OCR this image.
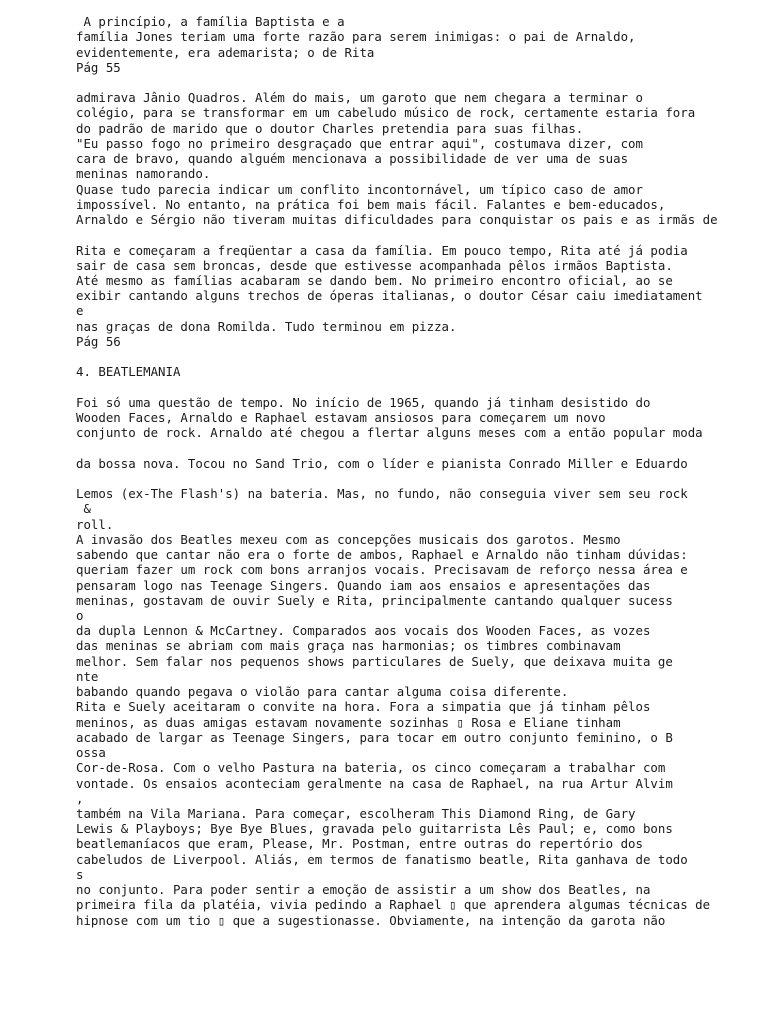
A princípio, a família Baptista e a

família Jones teriam uma forte razão para serem inimigas: o pai de Arnaldo,

evidentemente, era ademarista; o de Rita

Pág 55

admirava Jânio Quadros. Além do mais, um garoto que nem chegara a terminar o

colégio, para se transformar em um cabeludo músico de rock, certamente estaria fora

do padrão de marido que o doutor Charles pretendia para suas filhas.

"Eu passo fogo no primeiro desgraçado que entrar aqui", costumava dizer, com

cara de bravo, quando alguém mencionava a possibilidade de ver uma de suas

meninas namorando.

Quase tudo parecia indicar um conflito incontornável, um típico caso de amor

impossível. No entanto, na prática foi bem mais fácil. Falantes e bem-educados,

Arnaldo e Sérgio não tiveram muitas dificuldades para conquistar os pais e as irmãs de

Rita e começaram a freqüentar a casa da família. Em pouco tempo, Rita até já podia

sair de casa sem broncas, desde que estivesse acompanhada pêlos irmãos Baptista.

Até mesmo as famílias acabaram se dando bem. No primeiro encontro oficial, ao se

exibir cantando alguns trechos de óperas italianas, o doutor César caiu imediatament

e

nas graças de dona Romilda. Tudo terminou em pizza.

Pág 56

4. BEATLEMANIA

Foi só uma questão de tempo. No início de 1965, quando já tinham desistido do

Wooden Faces, Arnaldo e Raphael estavam ansiosos para começarem um novo

conjunto de rock. Arnaldo até chegou a flertar alguns meses com a então popular moda

da bossa nova. Tocou no Sand Trio, com o líder e pianista Conrado Miller e Eduardo

Lemos (ex-The Flash's) na bateria. Mas, no fundo, não conseguia viver sem seu rock

&

roll.

A invasão dos Beatles mexeu com as concepções musicais dos garotos. Mesmo

sabendo que cantar não era o forte de ambos, Raphael e Arnaldo não tinham dúvidas:

queriam fazer um rock com bons arranjos vocais. Precisavam de reforço nessa área e

pensaram logo nas Teenage Singers. Quando iam aos ensaios e apresentações das

meninas, gostavam de ouvir Suely e Rita, principalmente cantando qualquer sucess

o

da dupla Lennon & McCartney. Comparados aos vocais dos Wooden Faces, as vozes

das meninas se abriam com mais graça nas harmonias; os timbres combinavam

melhor. Sem falar nos pequenos shows particulares de Suely, que deixava muita ge

nte

babando quando pegava o violão para cantar alguma coisa diferente.

Rita e Suely aceitaram o convite na hora. Fora a simpatia que já tinham pêlos

meninos, as duas amigas estavam novamente sozinhas ▯ Rosa e Eliane tinham

acabado de largar as Teenage Singers, para tocar em outro conjunto feminino, o B

ossa

Cor-de-Rosa. Com o velho Pastura na bateria, os cinco começaram a trabalhar com

vontade. Os ensaios aconteciam geralmente na casa de Raphael, na rua Artur Alvim

,

também na Vila Mariana. Para começar, escolheram This Diamond Ring, de Gary

Lewis & Playboys; Bye Bye Blues, gravada pelo guitarrista Lês Paul; e, como bons

beatlemaníacos que eram, Please, Mr. Postman, entre outras do repertório dos

cabeludos de Liverpool. Aliás, em termos de fanatismo beatle, Rita ganhava de todo

s

no conjunto. Para poder sentir a emoção de assistir a um show dos Beatles, na

primeira fila da platéia, vivia pedindo a Raphael ▯ que aprendera algumas técnicas de

hipnose com um tio ▯ que a sugestionasse. Obviamente, na intenção da garota não
